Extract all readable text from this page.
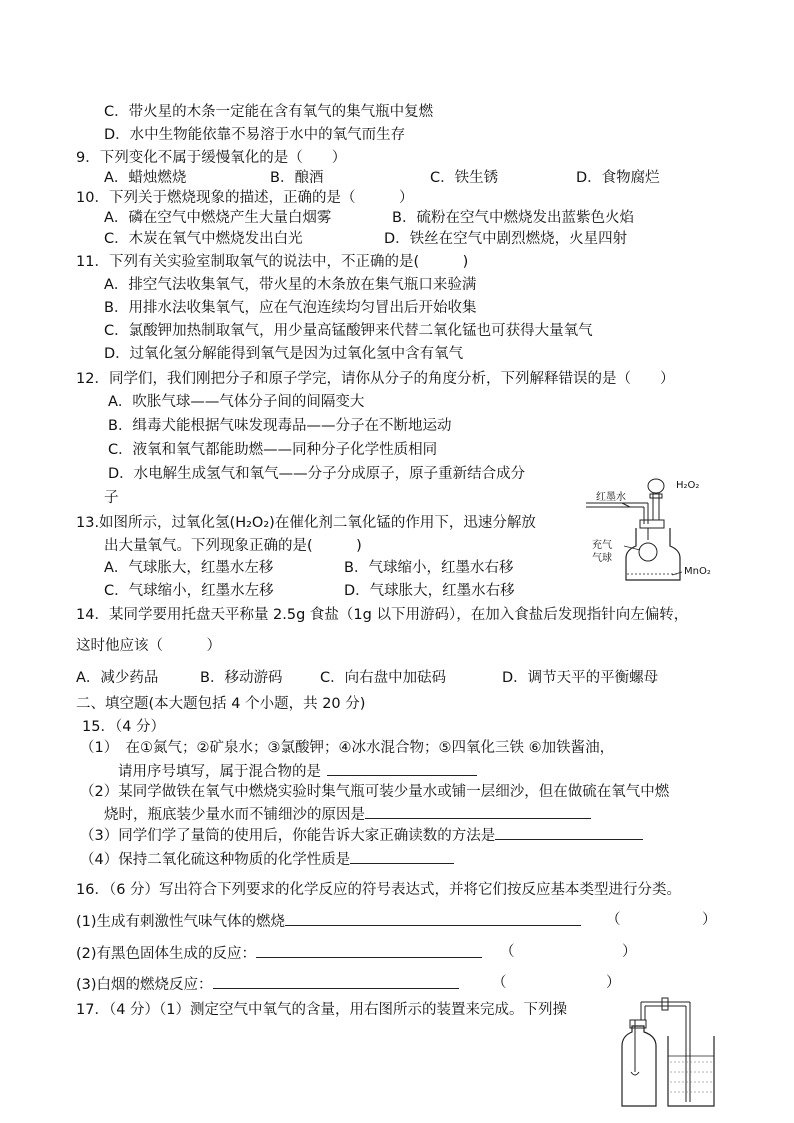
C．带火星的木条一定能在含有氧气的集气瓶中复燃
D．水中生物能依靠不易溶于水中的氧气而生存
9．下列变化不属于缓慢氧化的是（　　）
A．蜡烛燃烧	B．酿酒	C．铁生锈	D．食物腐烂
10．下列关于燃烧现象的描述，正确的是（　　　）
A．磷在空气中燃烧产生大量白烟雾	B．硫粉在空气中燃烧发出蓝紫色火焰
C．木炭在氧气中燃烧发出白光	D．铁丝在空气中剧烈燃烧，火星四射
11．下列有关实验室制取氧气的说法中，不正确的是(　　　)
A．排空气法收集氧气，带火星的木条放在集气瓶口来验满
B．用排水法收集氧气，应在气泡连续均匀冒出后开始收集
C．氯酸钾加热制取氧气，用少量高锰酸钾来代替二氧化锰也可获得大量氧气
D．过氧化氢分解能得到氧气是因为过氧化氢中含有氧气
12．同学们，我们刚把分子和原子学完，请你从分子的角度分析，下列解释错误的是（　　）
A．吹胀气球——气体分子间的间隔变大
B．缉毒犬能根据气味发现毒品——分子在不断地运动
C．液氧和氧气都能助燃——同种分子化学性质相同
D．水电解生成氢气和氧气——分子分成原子，原子重新结合成分
子
13.如图所示，过氧化氢(H₂O₂)在催化剂二氧化锰的作用下，迅速分解放
出大量氧气。下列现象正确的是(　　　)
A．气球胀大，红墨水左移	B．气球缩小，红墨水右移
C．气球缩小，红墨水左移	D．气球胀大，红墨水右移
红墨水
H₂O₂
充气
气球
MnO₂
14．某同学要用托盘天平称量 2.5g 食盐（1g 以下用游码），在加入食盐后发现指针向左偏转，
这时他应该（　　　）
A．减少药品	B．移动游码	C．向右盘中加砝码	D．调节天平的平衡螺母
二、填空题(本大题包括 4 个小题，共 20 分)
15．（4 分）
（1）　在①氮气；②矿泉水；③氯酸钾；④冰水混合物；⑤四氧化三铁 ⑥加铁酱油，
请用序号填写，属于混合物的是
（2）某同学做铁在氧气中燃烧实验时集气瓶可装少量水或铺一层细沙，但在做硫在氧气中燃
烧时，瓶底装少量水而不铺细沙的原因是
（3）同学们学了量筒的使用后，你能告诉大家正确读数的方法是
（4）保持二氧化硫这种物质的化学性质是
16．（6 分）写出符合下列要求的化学反应的符号表达式，并将它们按反应基本类型进行分类。
(1)生成有刺激性气味气体的燃烧	（	）
(2)有黑色固体生成的反应：	（	）
(3)白烟的燃烧反应：	（	）
17．（4 分）（1）测定空气中氧气的含量，用右图所示的装置来完成。下列操
